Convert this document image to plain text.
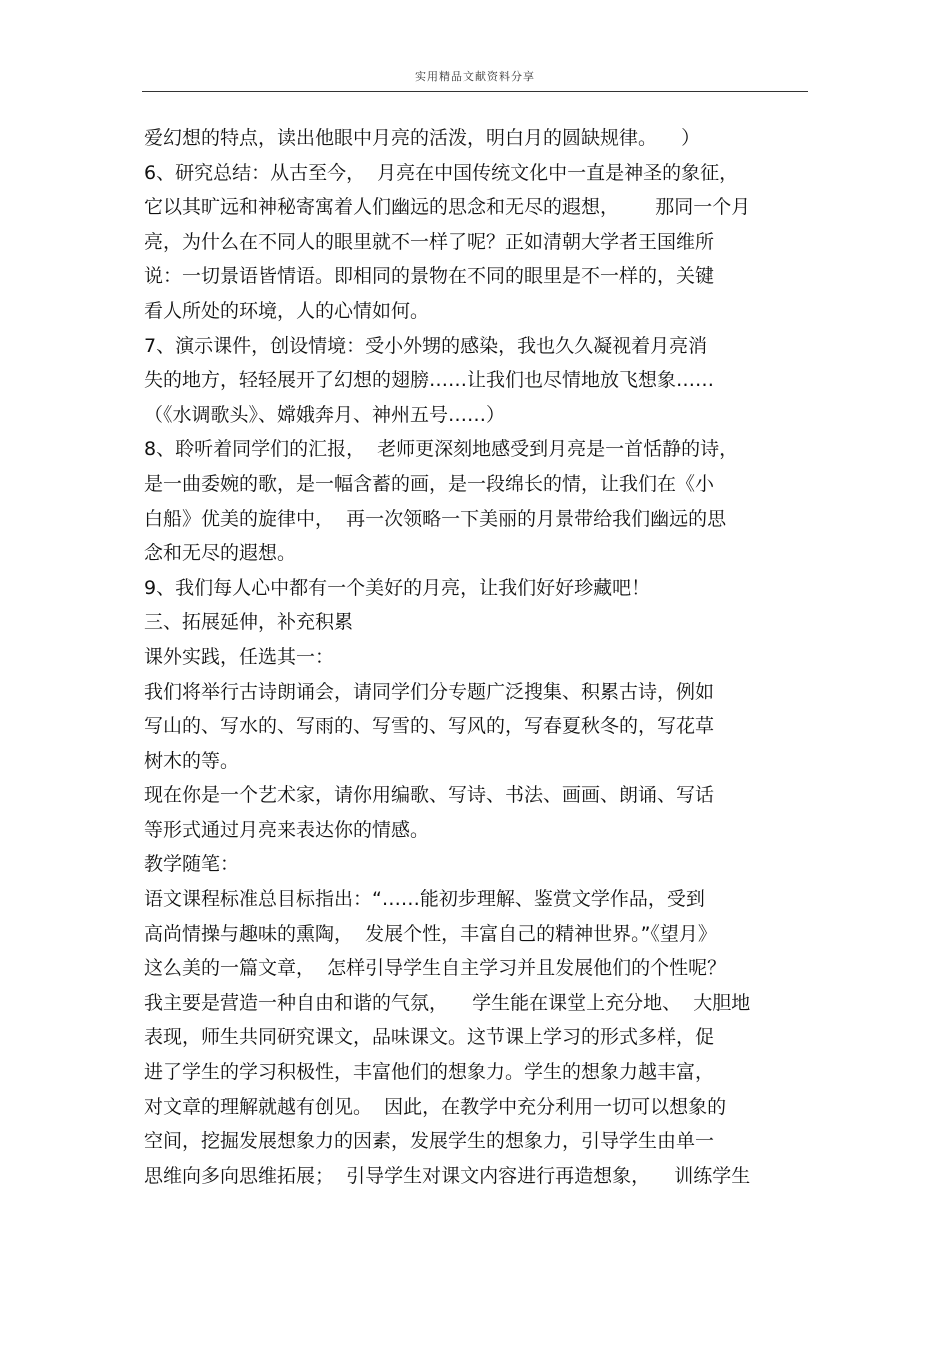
实用精品文献资料分享
爱幻想的特点，读出他眼中月亮的活泼，明白月的圆缺规律。    ）
6、研究总结：从古至今，  月亮在中国传统文化中一直是神圣的象征，
它以其旷远和神秘寄寓着人们幽远的思念和无尽的遐想，      那同一个月
亮，为什么在不同人的眼里就不一样了呢？正如清朝大学者王国维所
说：一切景语皆情语。即相同的景物在不同的眼里是不一样的，关键
看人所处的环境，人的心情如何。
7、演示课件，创设情境：受小外甥的感染，我也久久凝视着月亮消
失的地方，轻轻展开了幻想的翅膀……让我们也尽情地放飞想象……
（《水调歌头》、嫦娥奔月、神州五号……）
8、聆听着同学们的汇报，  老师更深刻地感受到月亮是一首恬静的诗，
是一曲委婉的歌，是一幅含蓄的画，是一段绵长的情，让我们在《小
白船》优美的旋律中，  再一次领略一下美丽的月景带给我们幽远的思
念和无尽的遐想。
9、我们每人心中都有一个美好的月亮，让我们好好珍藏吧！
三、拓展延伸，补充积累
课外实践，任选其一：
我们将举行古诗朗诵会，请同学们分专题广泛搜集、积累古诗，例如
写山的、写水的、写雨的、写雪的、写风的，写春夏秋冬的，写花草
树木的等。
现在你是一个艺术家，请你用编歌、写诗、书法、画画、朗诵、写话
等形式通过月亮来表达你的情感。
教学随笔：
语文课程标准总目标指出：“……能初步理解、鉴赏文学作品，受到
高尚情操与趣味的熏陶，  发展个性，丰富自己的精神世界。”《望月》
这么美的一篇文章，  怎样引导学生自主学习并且发展他们的个性呢？
我主要是营造一种自由和谐的气氛，    学生能在课堂上充分地、  大胆地
表现，师生共同研究课文，品味课文。这节课上学习的形式多样，促
进了学生的学习积极性，丰富他们的想象力。学生的想象力越丰富，
对文章的理解就越有创见。  因此，在教学中充分利用一切可以想象的
空间，挖掘发展想象力的因素，发展学生的想象力，引导学生由单一
思维向多向思维拓展；  引导学生对课文内容进行再造想象，    训练学生
